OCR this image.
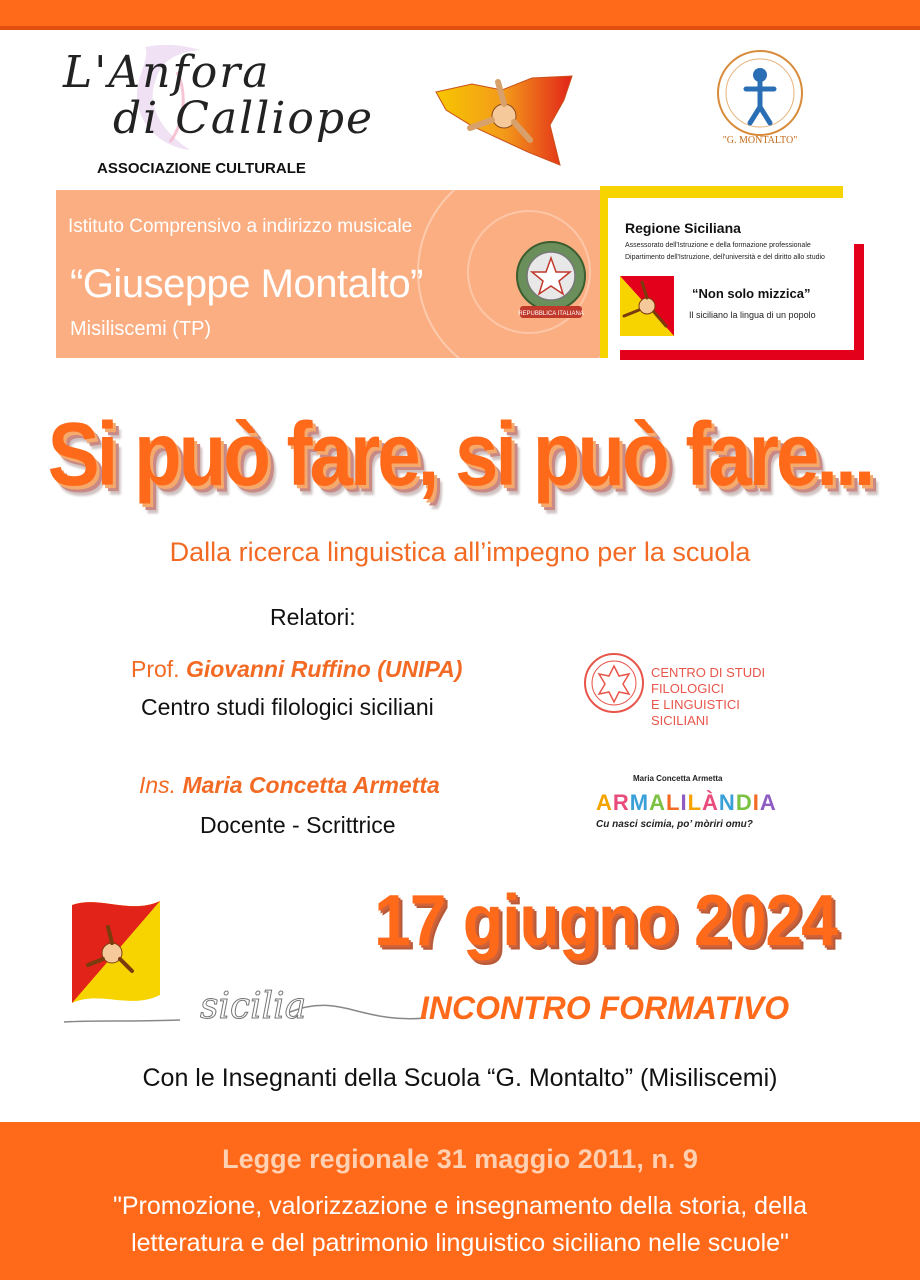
L'Anfora
di Calliope
ASSOCIAZIONE CULTURALE
"G. MONTALTO"
Istituto Comprensivo a indirizzo musicale
“Giuseppe Montalto”
Misiliscemi (TP)
REPUBBLICA ITALIANA
Regione Siciliana
Assessorato dell'Istruzione e della formazione professionale
Dipartimento dell'Istruzione, dell'università e del diritto allo studio
“Non solo mizzica”
Il siciliano la lingua di un popolo
Si può fare, si può fare...
Dalla ricerca linguistica all’impegno per la scuola
Relatori:
Prof. Giovanni Ruffino (UNIPA)
Centro studi filologici siciliani
Ins. Maria Concetta Armetta
Docente - Scrittrice
CENTRO DI STUDI
FILOLOGICI
E LINGUISTICI
SICILIANI
Maria Concetta Armetta
ARMALILÀNDIA
Cu nasci scimia, po’ mòriri omu?
sicilia
17 giugno 2024
INCONTRO FORMATIVO
Con le Insegnanti della Scuola “G. Montalto” (Misiliscemi)
Legge regionale 31 maggio 2011, n. 9
"Promozione, valorizzazione e insegnamento della storia, della
letteratura e del patrimonio linguistico siciliano nelle scuole"
